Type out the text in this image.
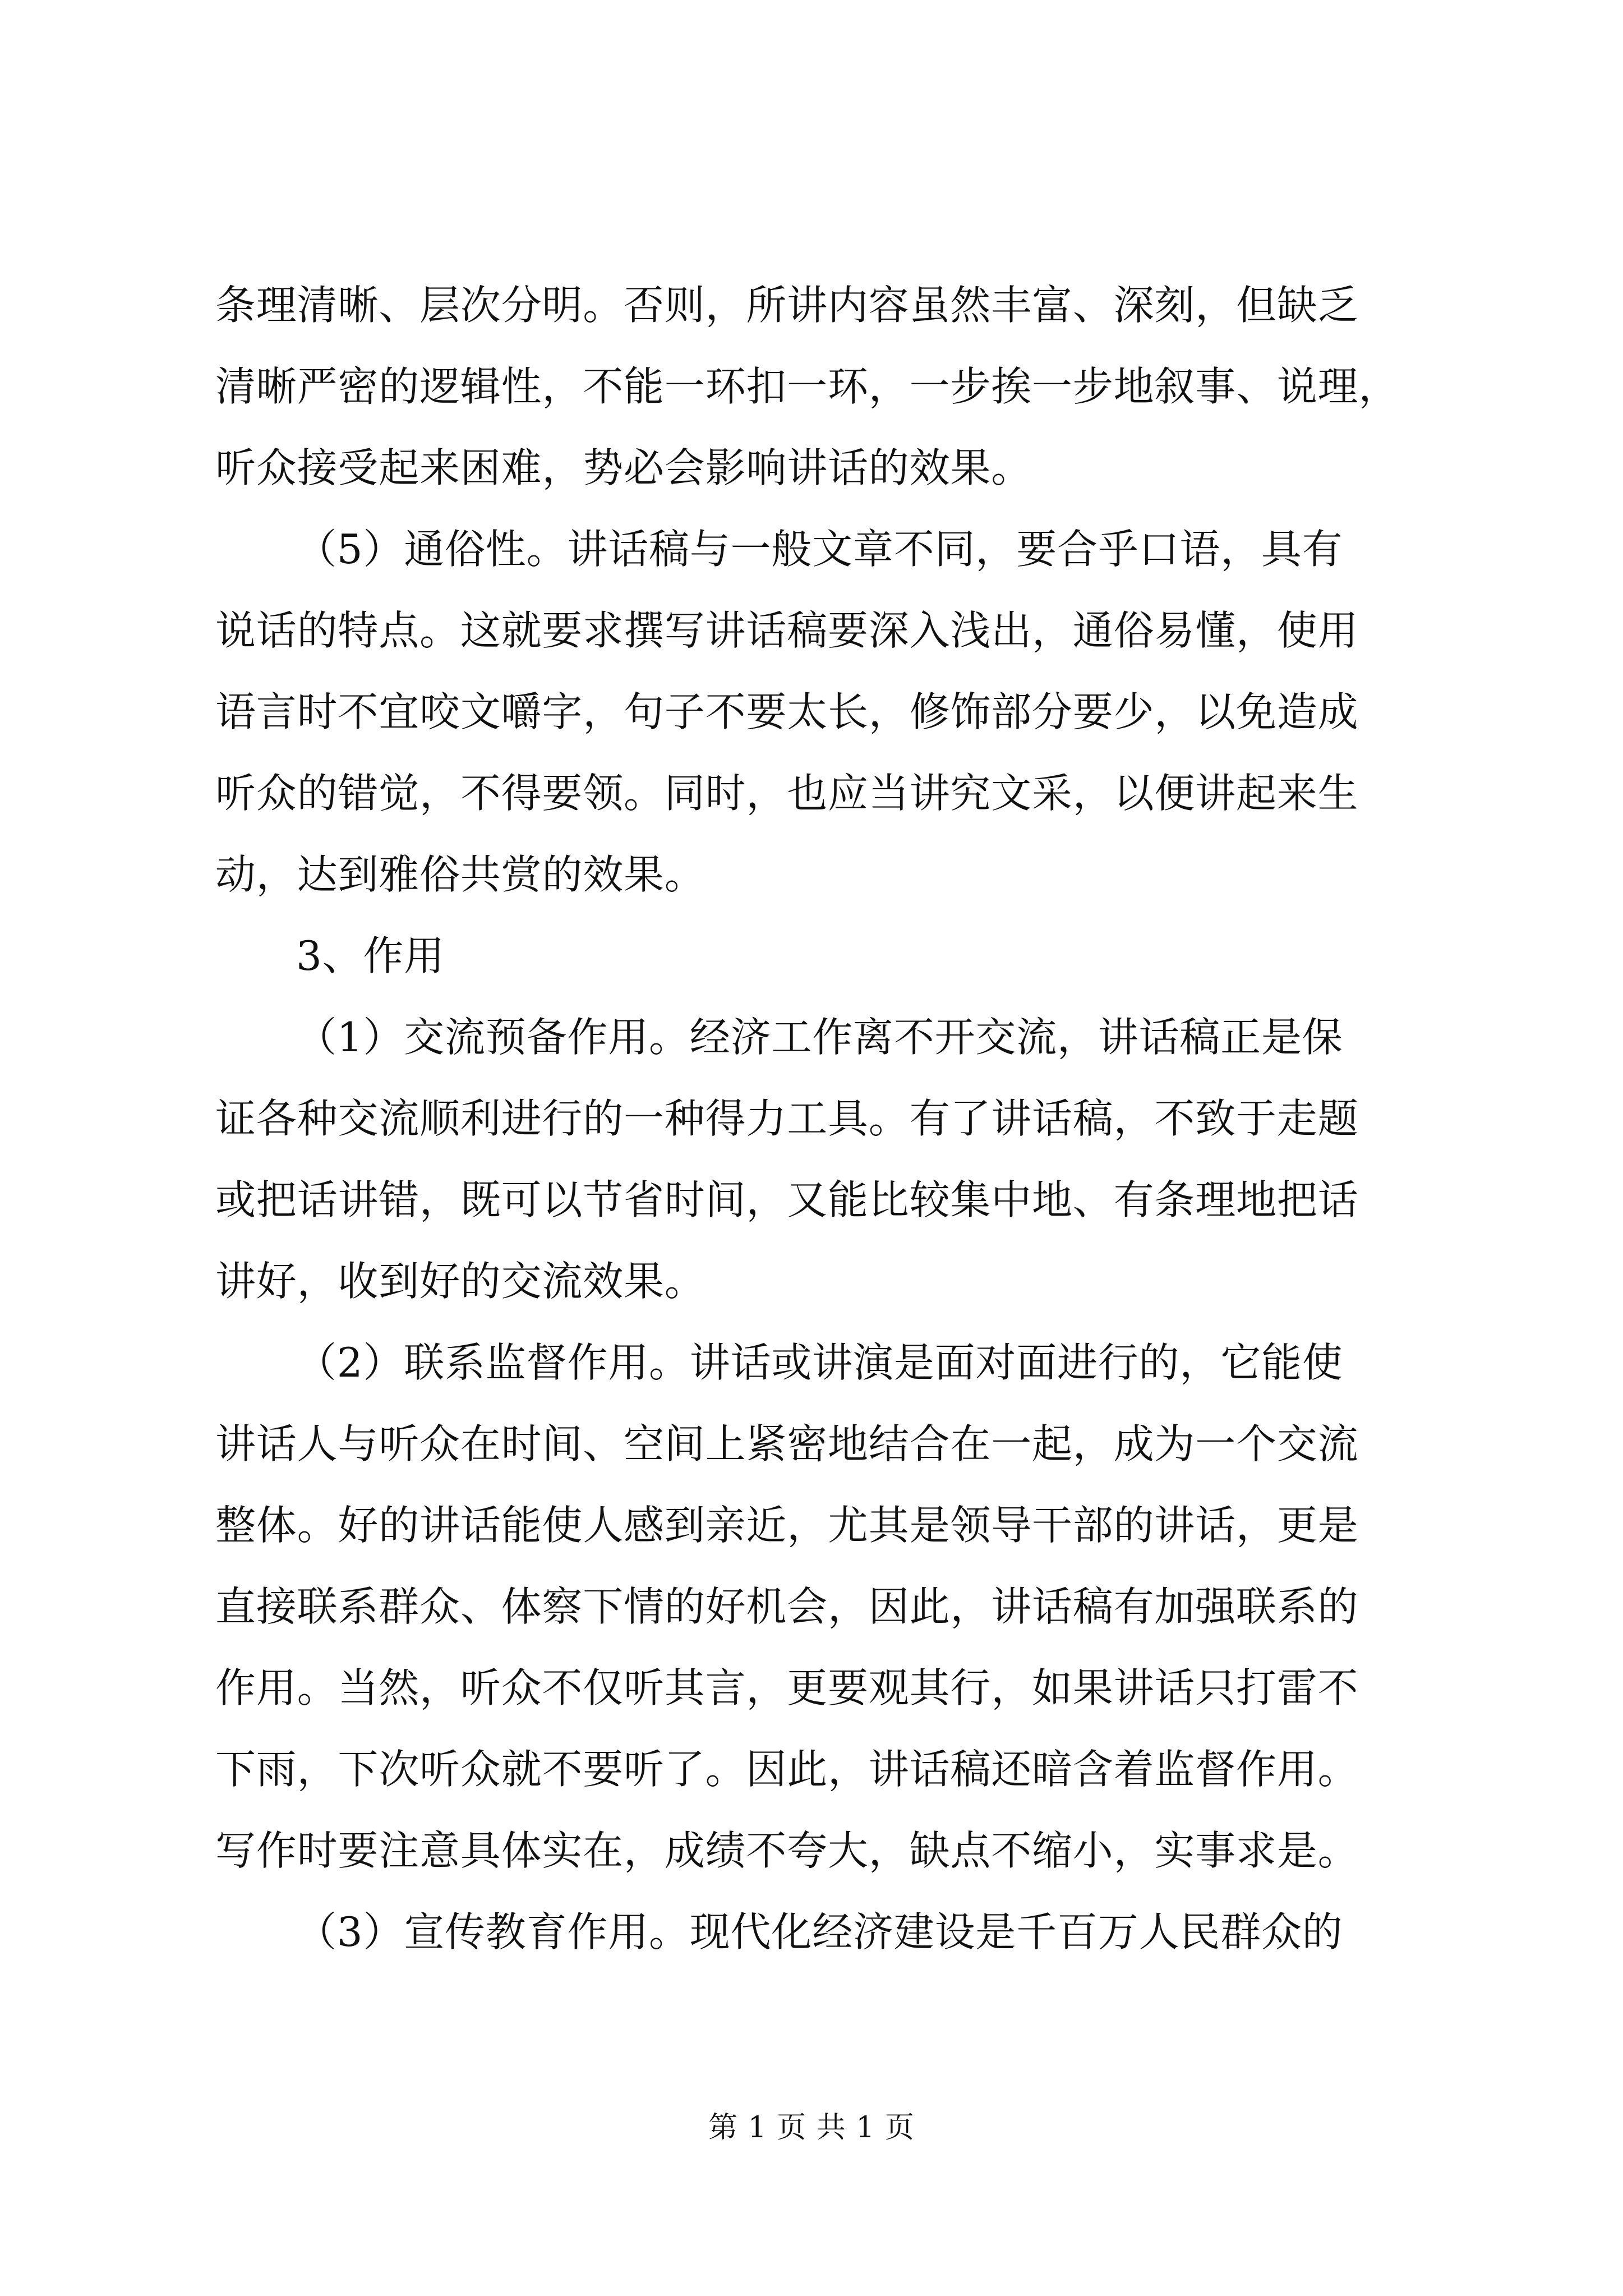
条理清晰、层次分明。否则，所讲内容虽然丰富、深刻，但缺乏
清晰严密的逻辑性，不能一环扣一环，一步挨一步地叙事、说理，
听众接受起来困难，势必会影响讲话的效果。
（5）通俗性。讲话稿与一般文章不同，要合乎口语，具有
说话的特点。这就要求撰写讲话稿要深入浅出，通俗易懂，使用
语言时不宜咬文嚼字，句子不要太长，修饰部分要少，以免造成
听众的错觉，不得要领。同时，也应当讲究文采，以便讲起来生
动，达到雅俗共赏的效果。
3、作用
（1）交流预备作用。经济工作离不开交流，讲话稿正是保
证各种交流顺利进行的一种得力工具。有了讲话稿，不致于走题
或把话讲错，既可以节省时间，又能比较集中地、有条理地把话
讲好，收到好的交流效果。
（2）联系监督作用。讲话或讲演是面对面进行的，它能使
讲话人与听众在时间、空间上紧密地结合在一起，成为一个交流
整体。好的讲话能使人感到亲近，尤其是领导干部的讲话，更是
直接联系群众、体察下情的好机会，因此，讲话稿有加强联系的
作用。当然，听众不仅听其言，更要观其行，如果讲话只打雷不
下雨，下次听众就不要听了。因此，讲话稿还暗含着监督作用。
写作时要注意具体实在，成绩不夸大，缺点不缩小，实事求是。
（3）宣传教育作用。现代化经济建设是千百万人民群众的
第 1 页 共 1 页
